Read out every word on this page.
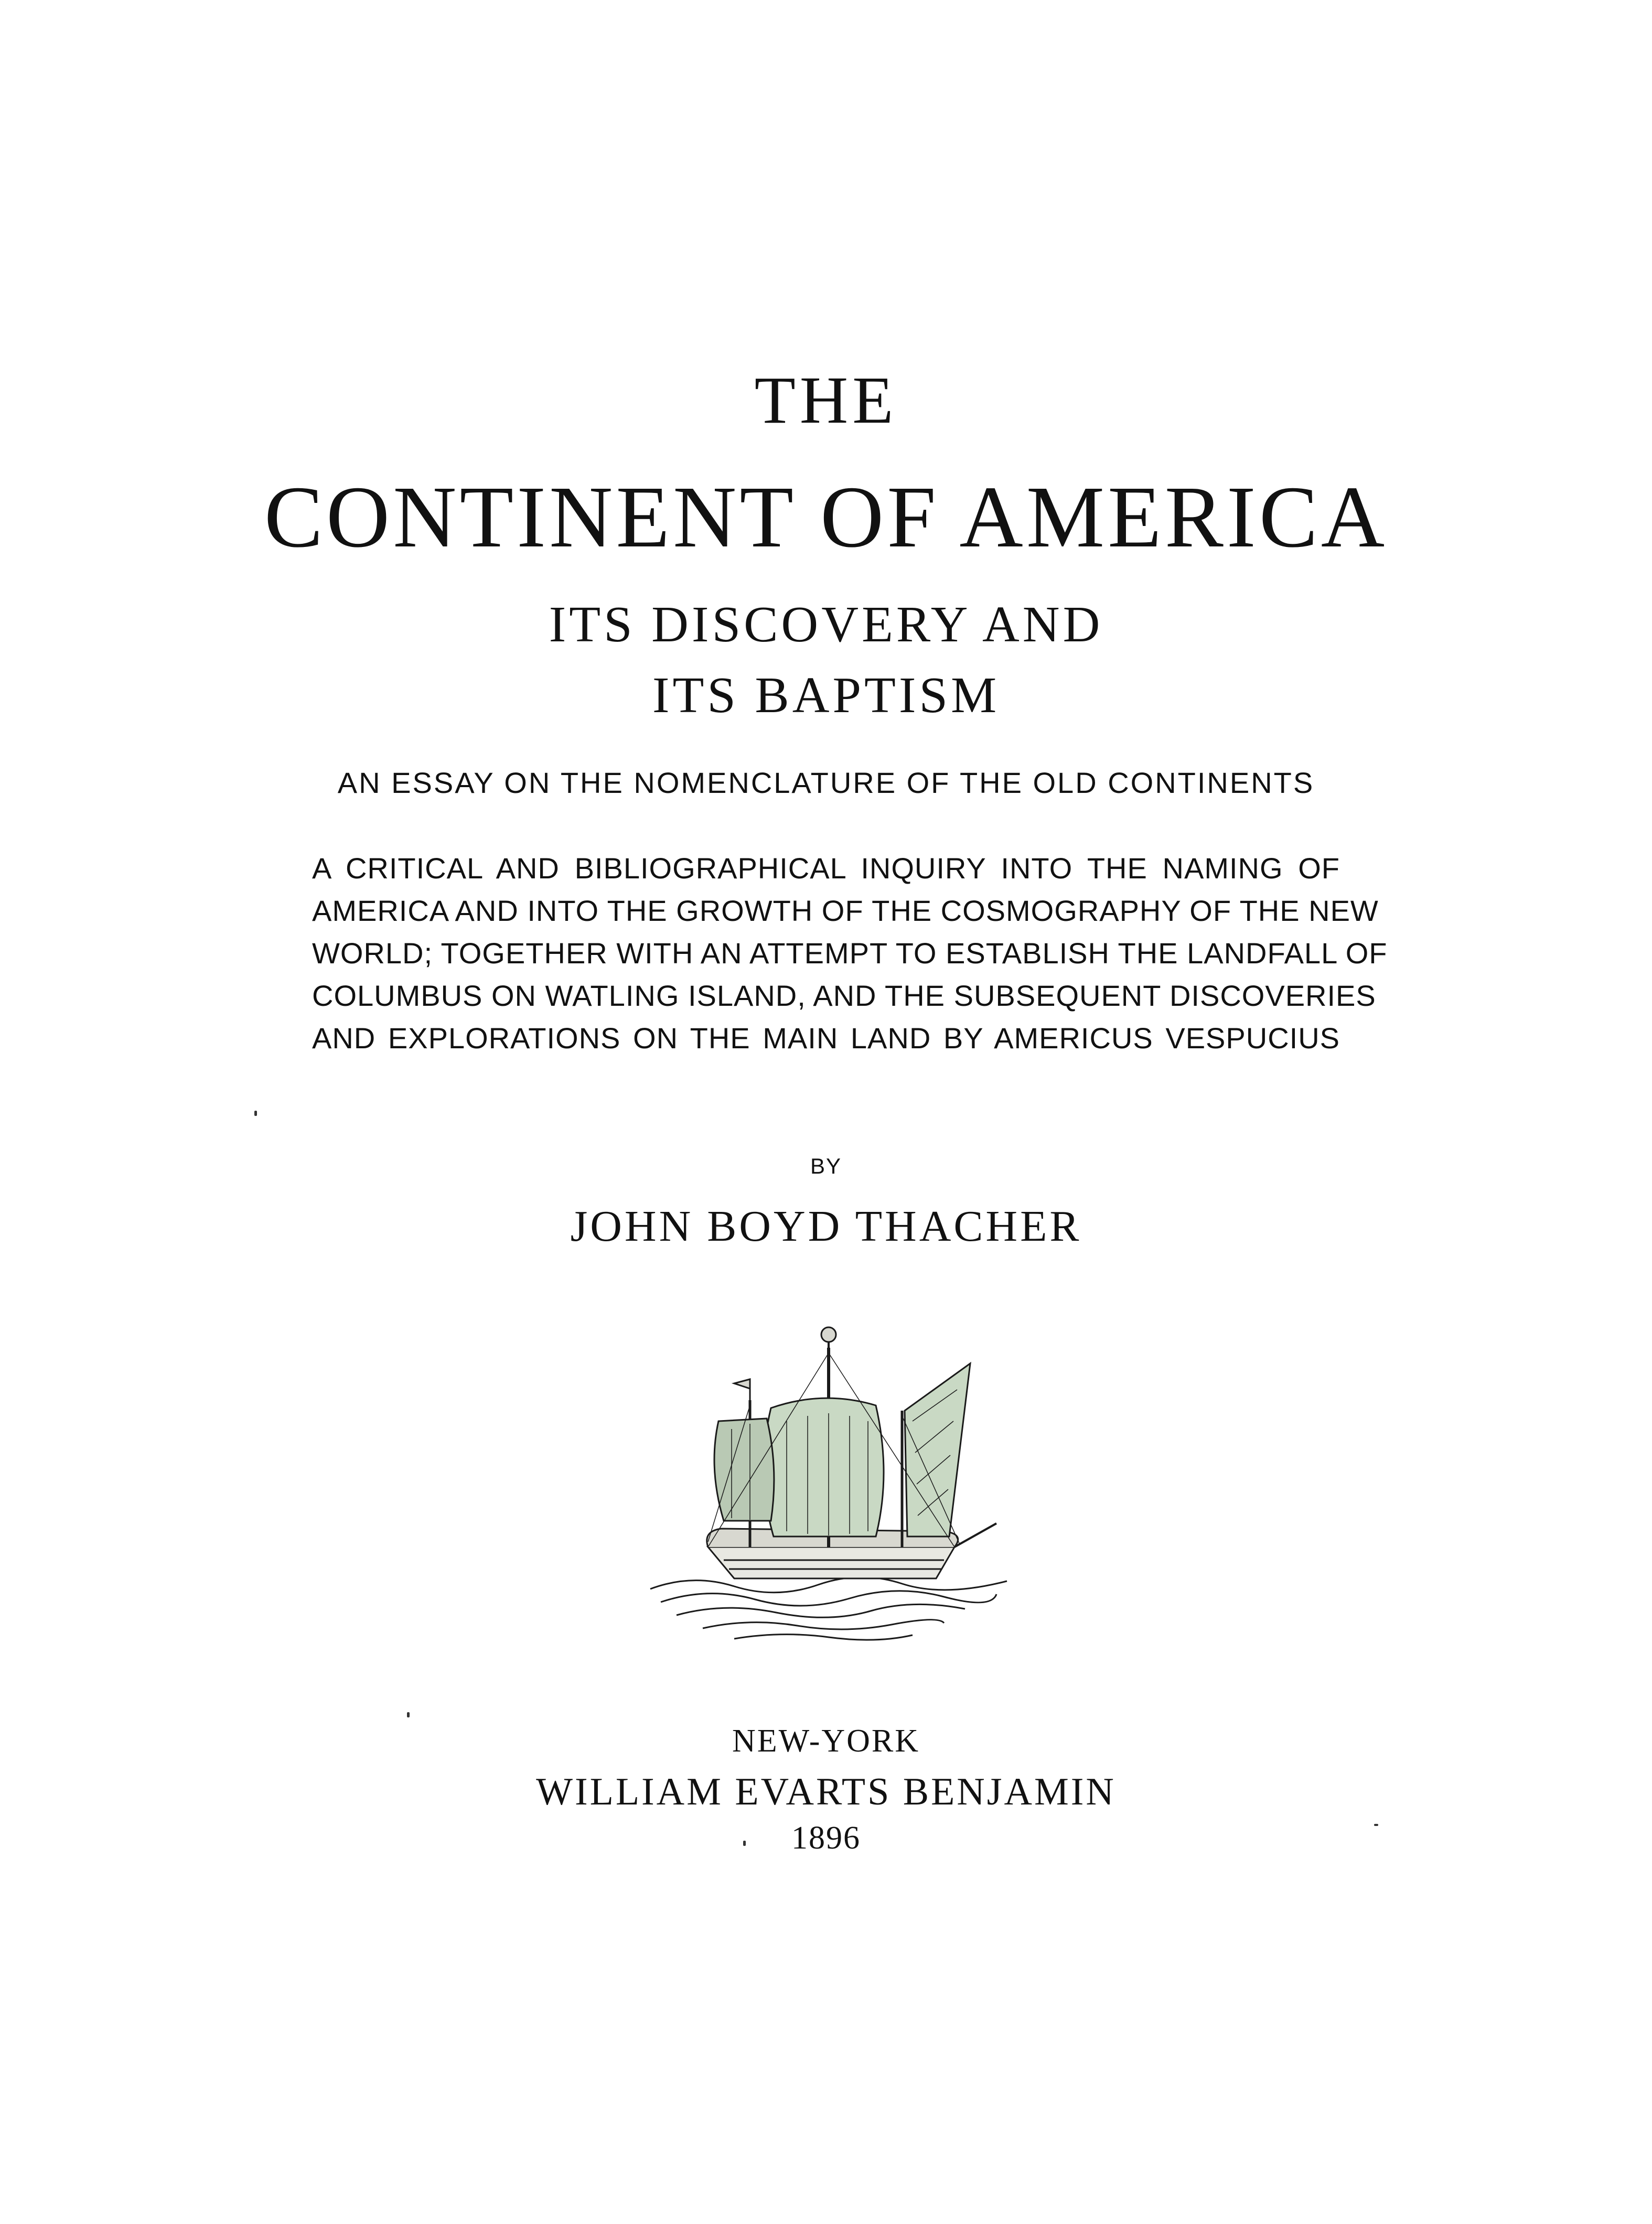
THE
CONTINENT OF AMERICA
ITS DISCOVERY AND
ITS BAPTISM

AN ESSAY ON THE NOMENCLATURE OF THE OLD CONTINENTS

A CRITICAL AND BIBLIOGRAPHICAL INQUIRY INTO THE NAMING OF
AMERICA AND INTO THE GROWTH OF THE COSMOGRAPHY OF THE NEW
WORLD; TOGETHER WITH AN ATTEMPT TO ESTABLISH THE LANDFALL OF
COLUMBUS ON WATLING ISLAND, AND THE SUBSEQUENT DISCOVERIES
AND EXPLORATIONS ON THE MAIN LAND BY AMERICUS VESPUCIUS

BY

JOHN BOYD THACHER

NEW-YORK

WILLIAM EVARTS BENJAMIN

1896
